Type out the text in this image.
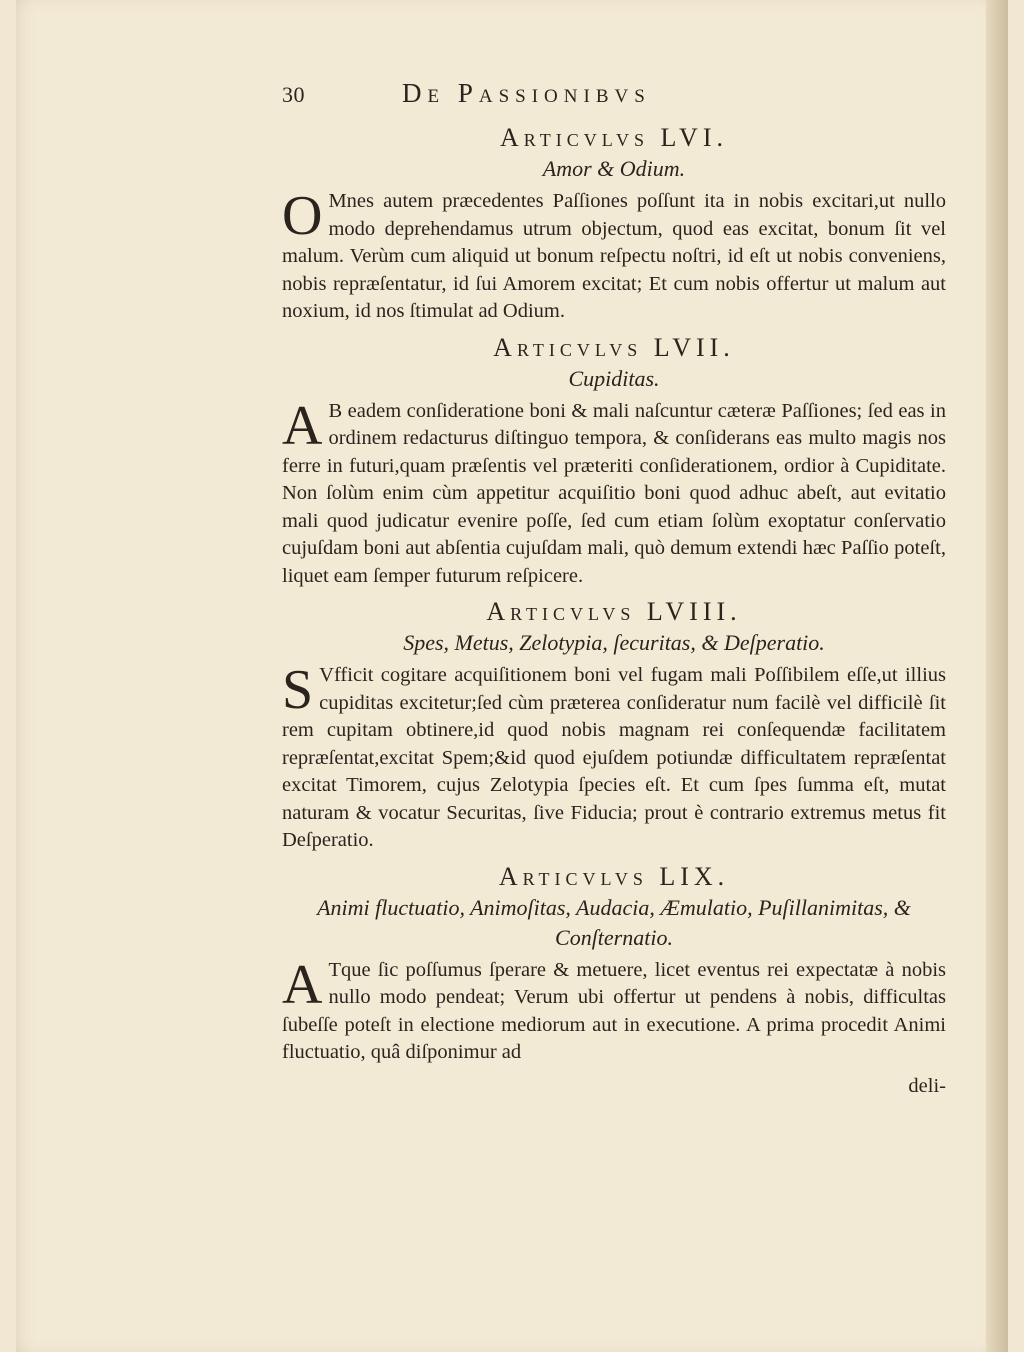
30	De Passionibvs
Articvlvs LVI.
Amor & Odium.
O Mnes autem præcedentes Paſſiones poſſunt ita in nobis excitari,ut nullo modo deprehendamus utrum objectum, quod eas excitat, bonum ſit vel malum. Verùm cum aliquid ut bonum reſpectu noſtri, id eſt ut nobis conveniens, nobis repræſentatur, id ſui Amorem excitat; Et cum nobis offertur ut malum aut noxium, id nos ſtimulat ad Odium.

Articvlvs LVII.
Cupiditas.
A B eadem conſideratione boni & mali naſcuntur cæteræ Paſſiones; ſed eas in ordinem redacturus diſtinguo tempora, & conſiderans eas multo magis nos ferre in futuri,quam præſentis vel præteriti conſiderationem, ordior à Cupiditate. Non ſolùm enim cùm appetitur acquiſitio boni quod adhuc abeſt, aut evitatio mali quod judicatur evenire poſſe, ſed cum etiam ſolùm exoptatur conſervatio cujuſdam boni aut abſentia cujuſdam mali, quò demum extendi hæc Paſſio poteſt, liquet eam ſemper futurum reſpicere.

Articvlvs LVIII.
Spes, Metus, Zelotypia, ſecuritas, & Deſperatio.
S Vfficit cogitare acquiſitionem boni vel fugam mali Poſſibilem eſſe,ut illius cupiditas excitetur;ſed cùm prætereа conſideratur num facilè vel difficilè ſit rem cupitam obtinere,id quod nobis magnam rei conſequendæ facilitatem repræſentat,excitat Spem;&id quod ejuſdem potiundæ difficultatem repræſentat excitat Timorem, cujus Zelotypia ſpecies eſt. Et cum ſpes ſumma eſt, mutat naturam & vocatur Securitas, ſive Fiducia; prout è contrario extremus metus fit Deſperatio.

Articvlvs LIX.
Animi fluctuatio, Animoſitas, Audacia, Æmulatio, Puſillanimitas, & Conſternatio.
A Tque ſic poſſumus ſperare & metuere, licet eventus rei expectatæ à nobis nullo modo pendeat; Verum ubi offertur ut pendens à nobis, difficultas ſubeſſe poteſt in electione mediorum aut in executione. A prima procedit Animi fluctuatio, quâ diſponimur ad

deli-
